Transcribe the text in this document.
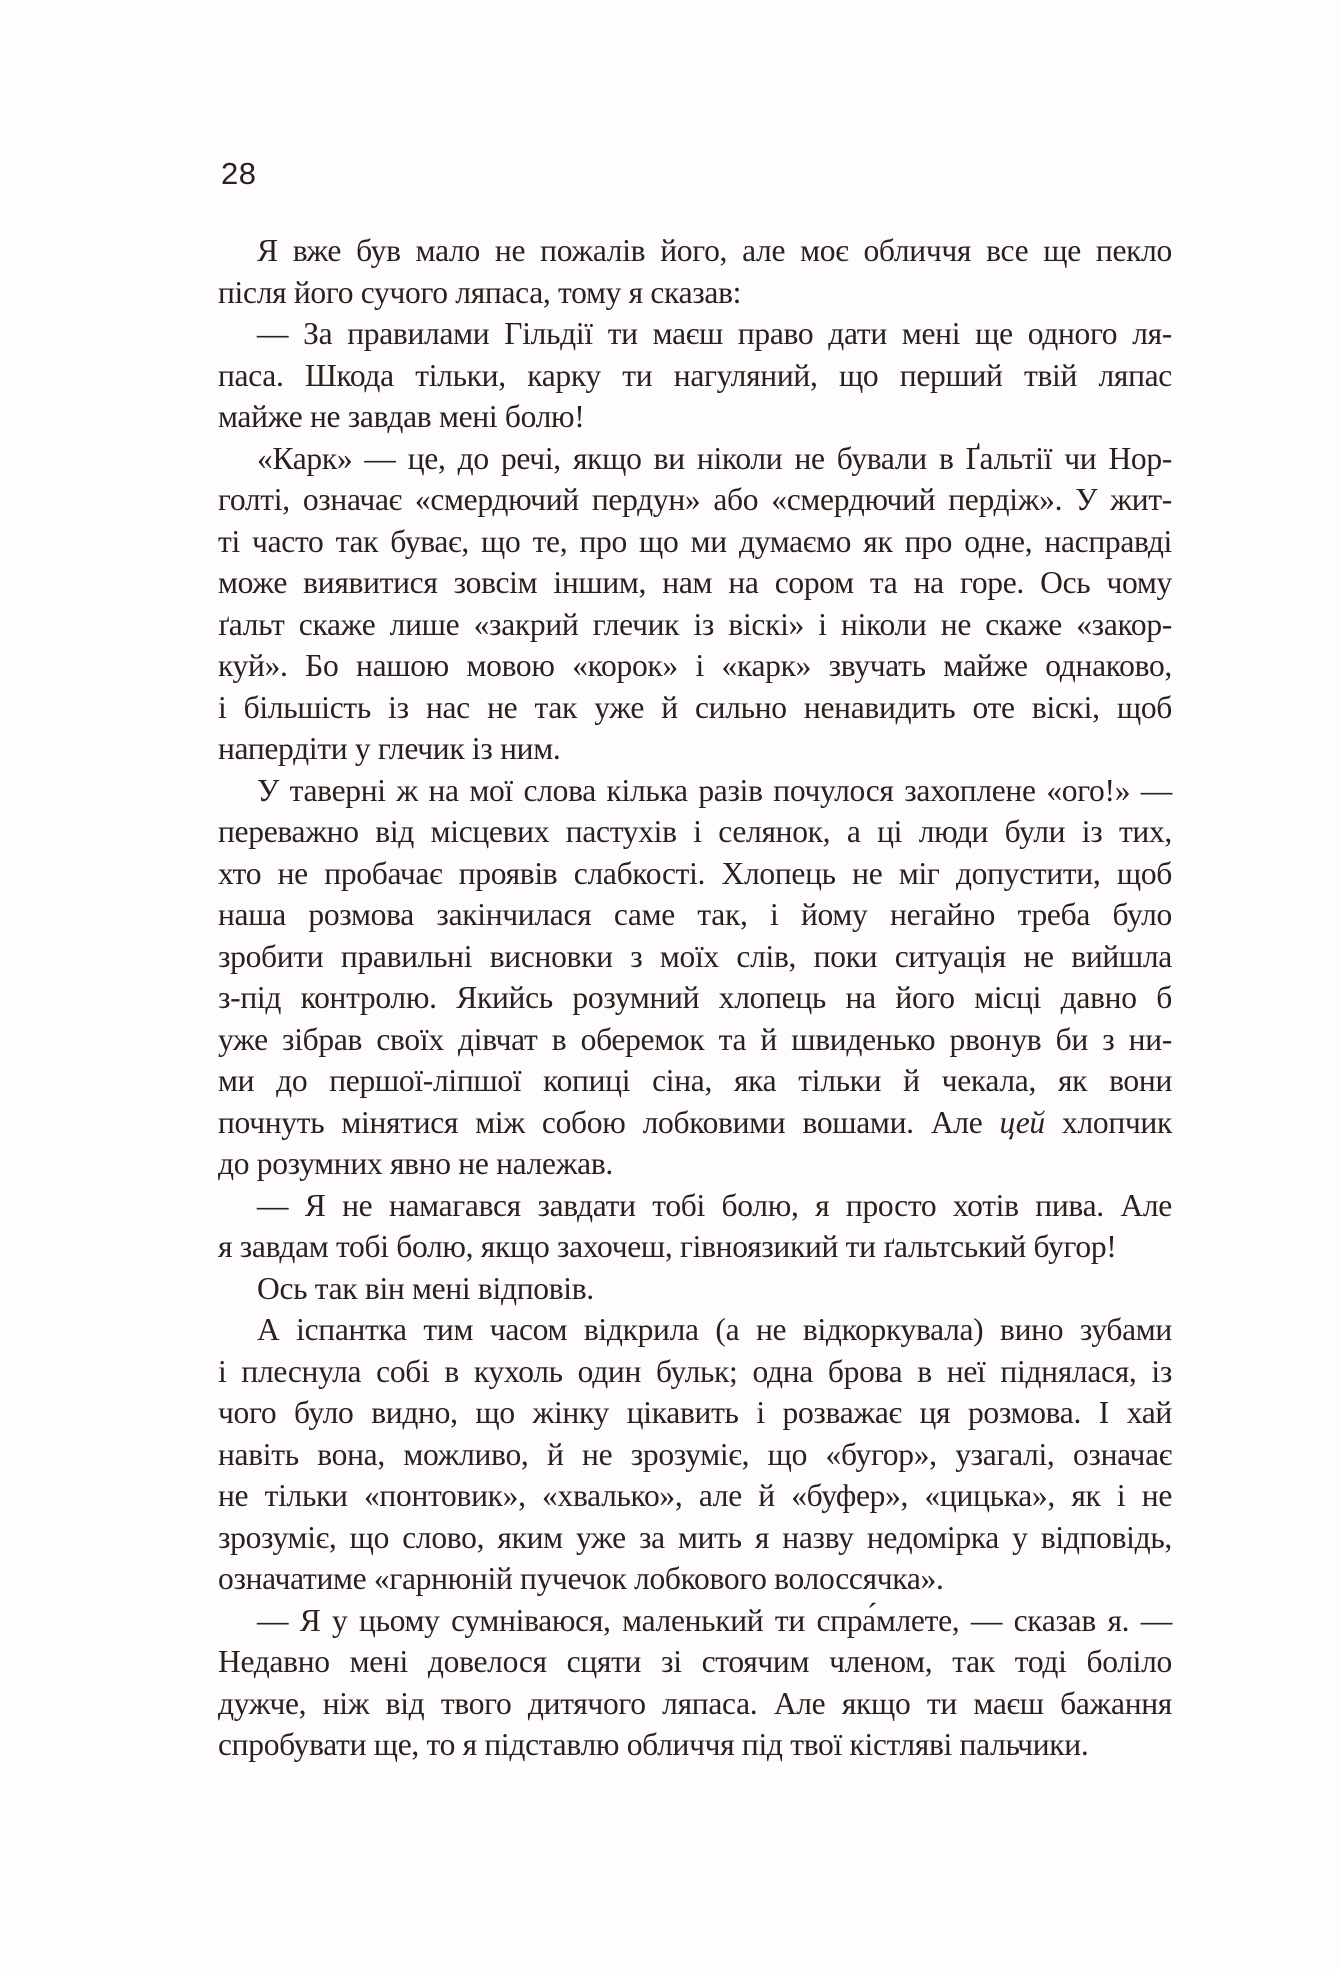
28
Я вже був мало не пожалів його, але моє обличчя все ще пекло
після його сучого ляпаса, тому я сказав:
— За правилами Гільдії ти маєш право дати мені ще одного ля-
паса. Шкода тільки, карку ти нагуляний, що перший твій ляпас
майже не завдав мені болю!
«Карк» — це, до речі, якщо ви ніколи не бували в Ґальтії чи Нор-
голті, означає «смердючий пердун» або «смердючий пердіж». У жит-
ті часто так буває, що те, про що ми думаємо як про одне, насправді
може виявитися зовсім іншим, нам на сором та на горе. Ось чому
ґальт скаже лише «закрий глечик із віскі» і ніколи не скаже «закор-
куй». Бо нашою мовою «корок» і «карк» звучать майже однаково,
і більшість із нас не так уже й сильно ненавидить оте віскі, щоб
напердіти у глечик із ним.
У таверні ж на мої слова кілька разів почулося захоплене «ого!» —
переважно від місцевих пастухів і селянок, а ці люди були із тих,
хто не пробачає проявів слабкості. Хлопець не міг допустити, щоб
наша розмова закінчилася саме так, і йому негайно треба було
зробити правильні висновки з моїх слів, поки ситуація не вийшла
з-під контролю. Якийсь розумний хлопець на його місці давно б
уже зібрав своїх дівчат в оберемок та й швиденько рвонув би з ни-
ми до першої-ліпшої копиці сіна, яка тільки й чекала, як вони
почнуть мінятися між собою лобковими вошами. Але цей хлопчик
до розумних явно не належав.
— Я не намагався завдати тобі болю, я просто хотів пива. Але
я завдам тобі болю, якщо захочеш, гівноязикий ти ґальтський бугор!
Ось так він мені відповів.
А іспантка тим часом відкрила (а не відкоркувала) вино зубами
і плеснула собі в кухоль один бульк; одна брова в неї піднялася, із
чого було видно, що жінку цікавить і розважає ця розмова. І хай
навіть вона, можливо, й не зрозуміє, що «бугор», узагалі, означає
не тільки «понтовик», «хвалько», але й «буфер», «цицька», як і не
зрозуміє, що слово, яким уже за мить я назву недомірка у відповідь,
означатиме «гарнюній пучечок лобкового волоссячка».
— Я у цьому сумніваюся, маленький ти спра́млете, — сказав я. —
Недавно мені довелося сцяти зі стоячим членом, так тоді боліло
дужче, ніж від твого дитячого ляпаса. Але якщо ти маєш бажання
спробувати ще, то я підставлю обличчя під твої кістляві пальчики.
